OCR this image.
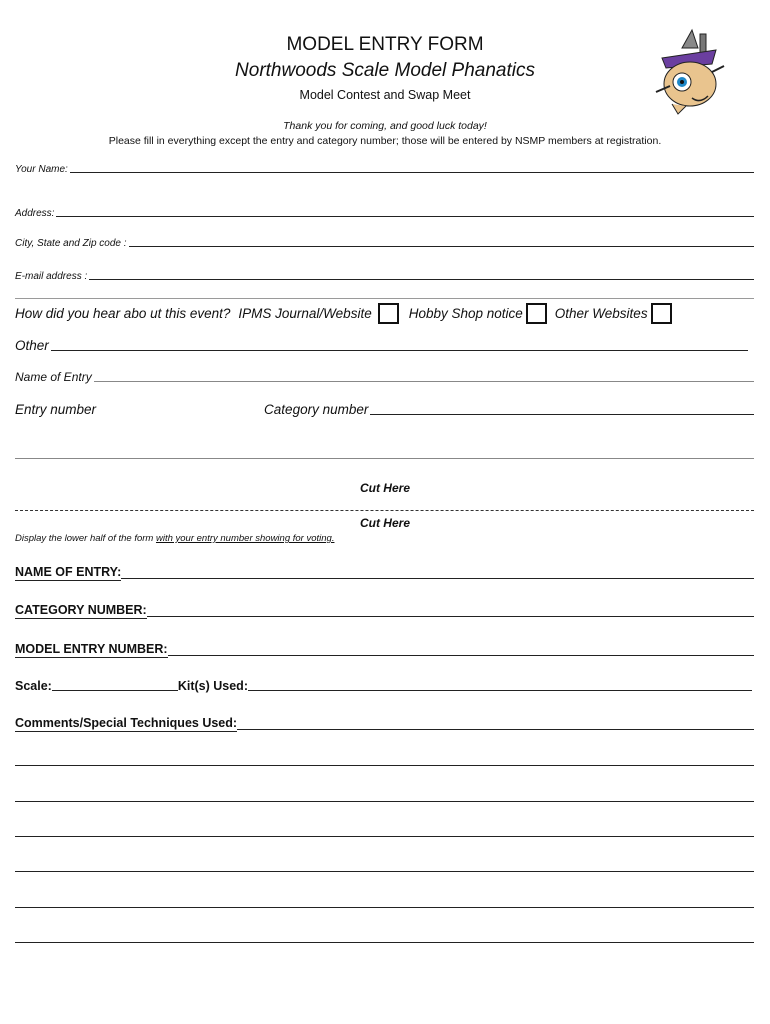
MODEL ENTRY FORM
Northwoods Scale Model Phanatics
Model Contest and Swap Meet
Thank you for coming, and good luck today!
Please fill in everything except the entry and category number; those will be entered by NSMP members at registration.
Your Name:
Address:
City, State and Zip code :
E-mail address :
How did you hear abo ut this event? IPMS Journal/Website	Hobby Shop notice Other Websites
Other
Name of Entry
Entry number	Category number
Cut Here
Cut Here
Display the lower half of the form with your entry number showing for voting.
NAME OF ENTRY:
CATEGORY NUMBER:
MODEL ENTRY NUMBER:
Scale:	Kit(s) Used:
Comments/Special Techniques Used:
